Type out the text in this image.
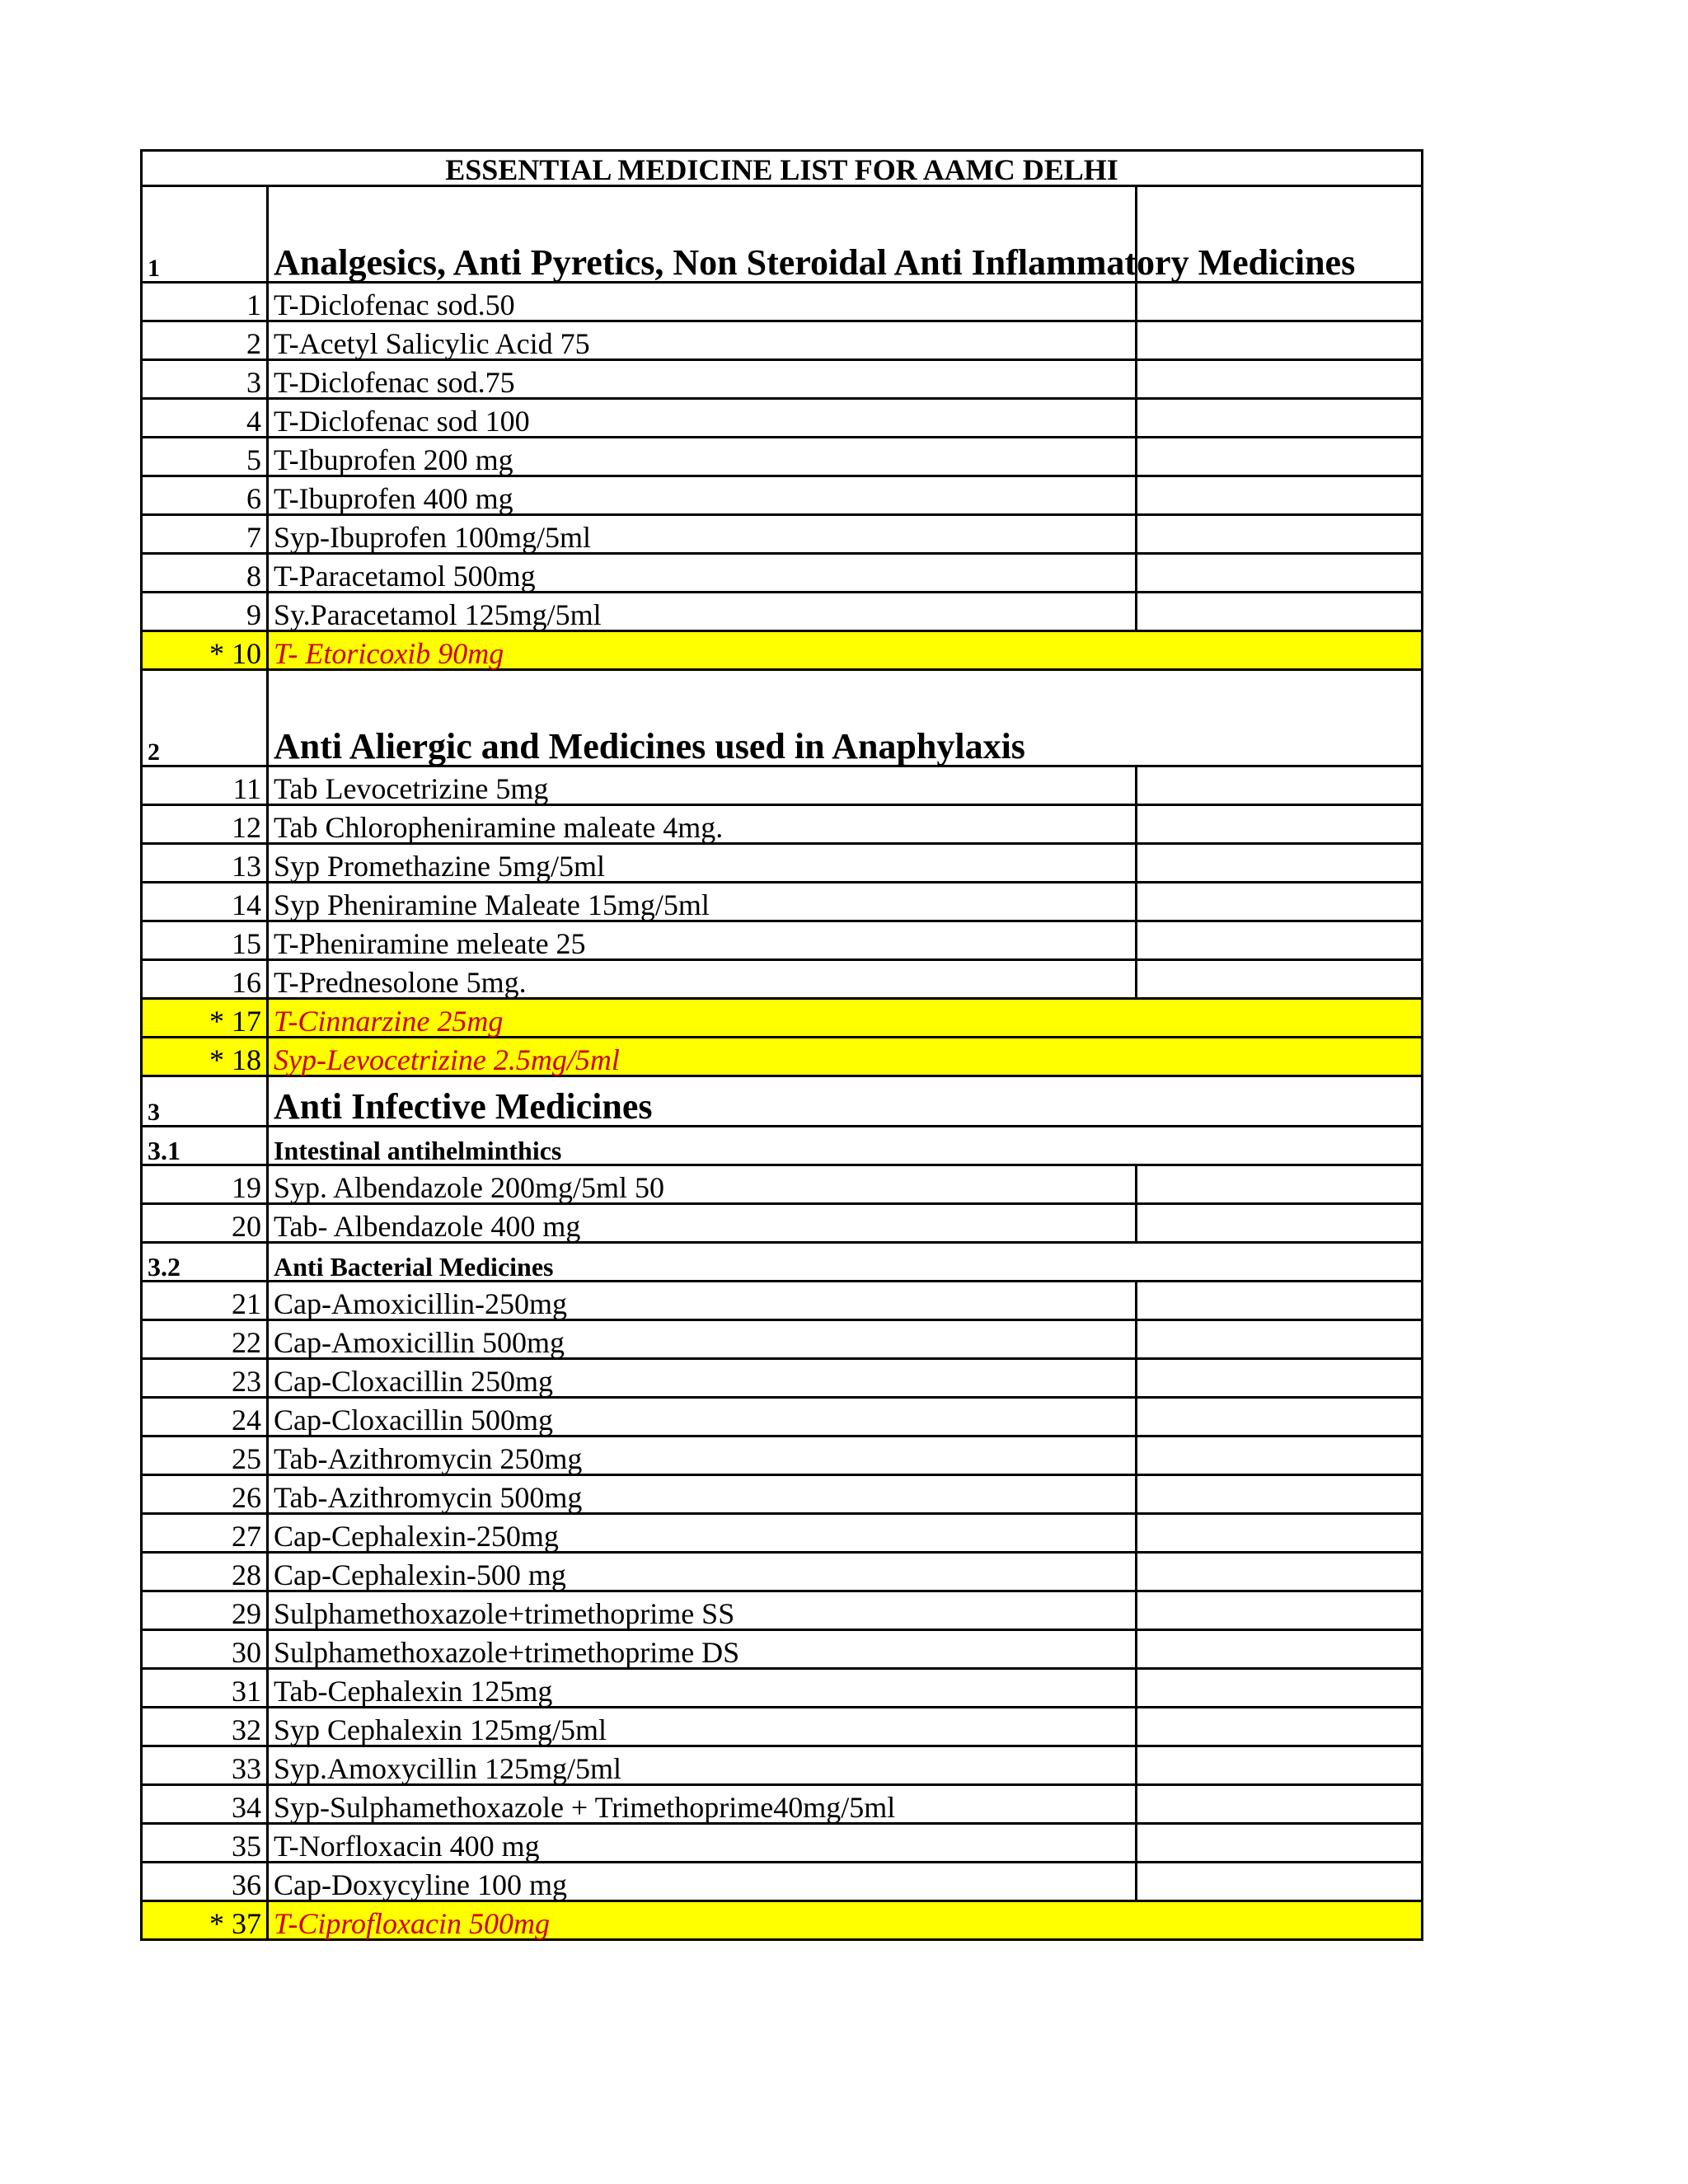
ESSENTIAL MEDICINE LIST FOR AAMC DELHI		
1	Analgesics, Anti Pyretics, Non Steroidal Anti Inflammatory Medicines	
1	T-Diclofenac sod.50	
2	T-Acetyl Salicylic Acid 75	
3	T-Diclofenac sod.75	
4	T-Diclofenac sod 100	
5	T-Ibuprofen 200 mg	
6	T-Ibuprofen 400 mg	
7	Syp-Ibuprofen 100mg/5ml	
8	T-Paracetamol 500mg	
9	Sy.Paracetamol 125mg/5ml	
* 10	T- Etoricoxib 90mg	
2	Anti Aliergic and Medicines used in Anaphylaxis	
11	Tab Levocetrizine 5mg	
12	Tab Chloropheniramine maleate 4mg.	
13	Syp Promethazine 5mg/5ml	
14	Syp Pheniramine Maleate 15mg/5ml	
15	T-Pheniramine meleate 25	
16	T-Prednesolone 5mg.	
* 17	T-Cinnarzine 25mg	
* 18	Syp-Levocetrizine 2.5mg/5ml	
3	Anti Infective Medicines	
3.1	Intestinal antihelminthics	
19	Syp. Albendazole 200mg/5ml 50	
20	Tab- Albendazole 400 mg	
3.2	Anti Bacterial Medicines	
21	Cap-Amoxicillin-250mg	
22	Cap-Amoxicillin 500mg	
23	Cap-Cloxacillin 250mg	
24	Cap-Cloxacillin 500mg	
25	Tab-Azithromycin 250mg	
26	Tab-Azithromycin 500mg	
27	Cap-Cephalexin-250mg	
28	Cap-Cephalexin-500 mg	
29	Sulphamethoxazole+trimethoprime SS	
30	Sulphamethoxazole+trimethoprime DS	
31	Tab-Cephalexin 125mg	
32	Syp Cephalexin 125mg/5ml	
33	Syp.Amoxycillin 125mg/5ml	
34	Syp-Sulphamethoxazole + Trimethoprime40mg/5ml	
35	T-Norfloxacin 400 mg	
36	Cap-Doxycyline 100 mg	
* 37	T-Ciprofloxacin 500mg	
